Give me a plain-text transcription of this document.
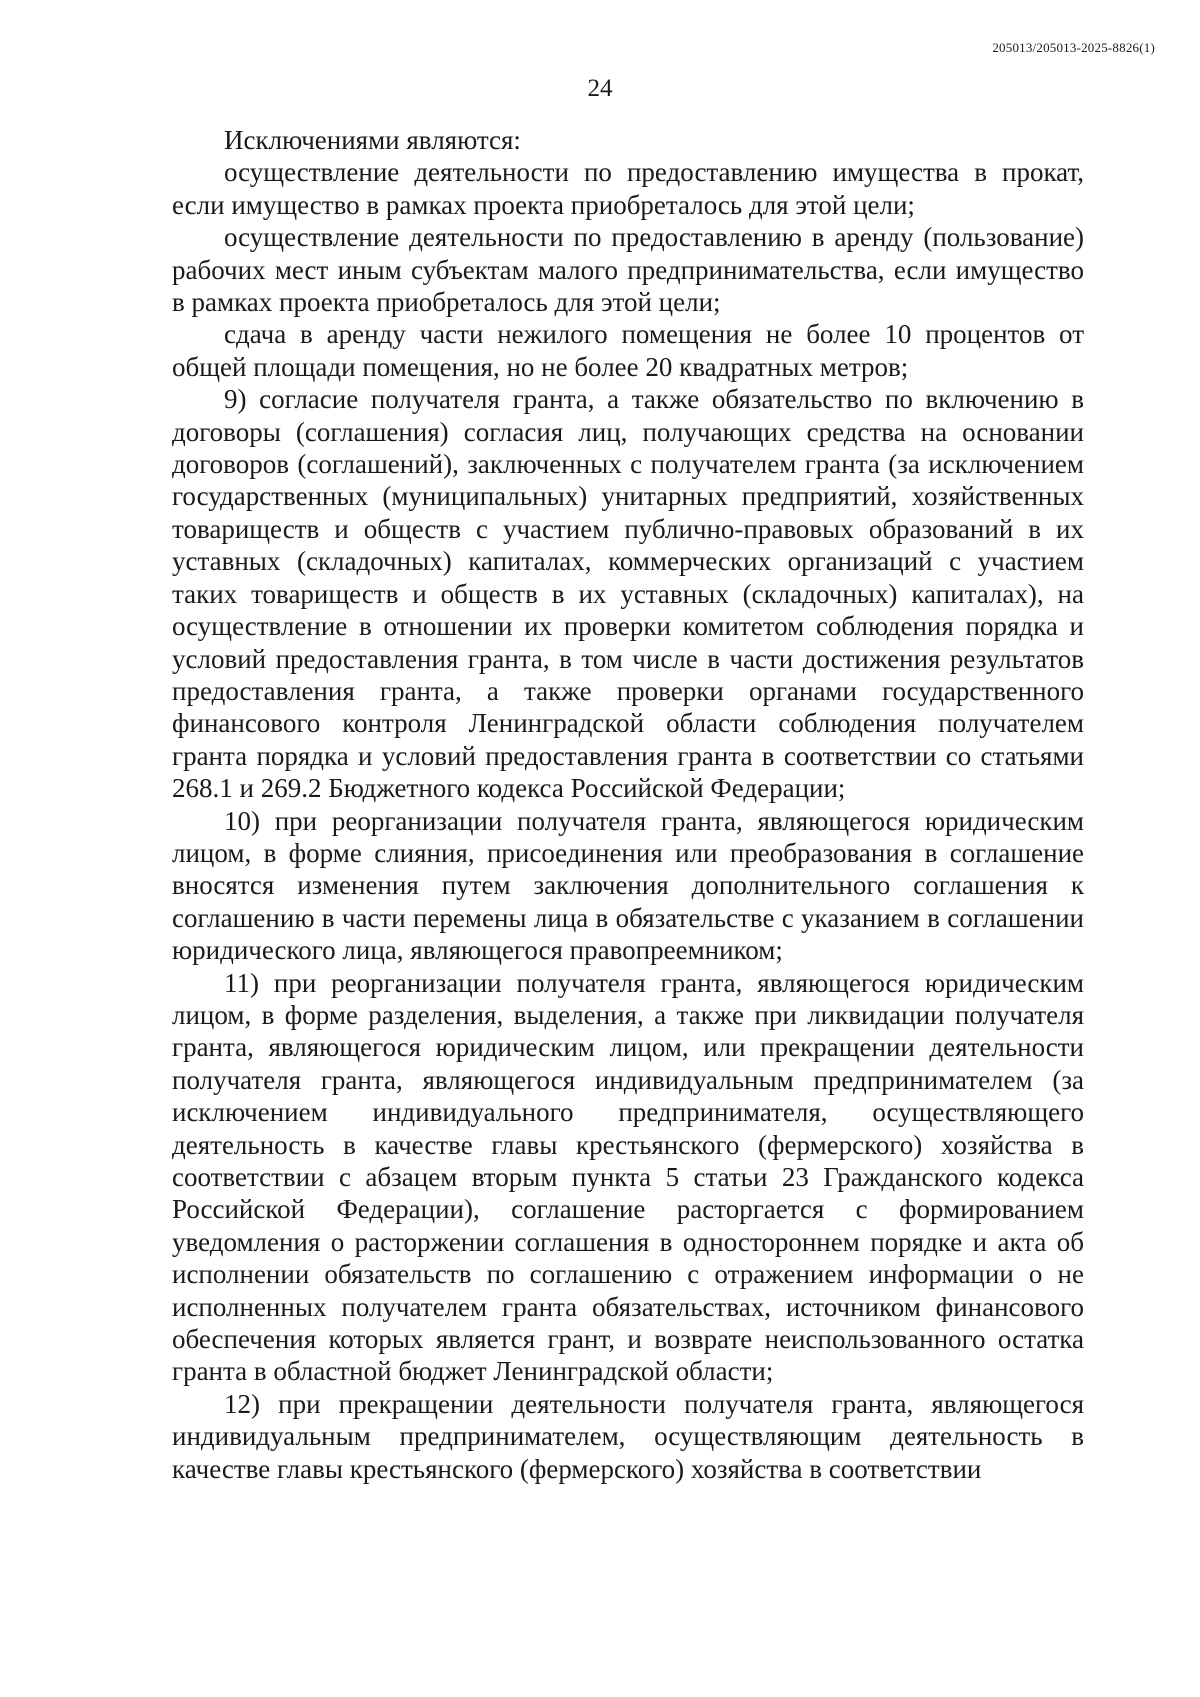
205013/205013-2025-8826(1)
24

Исключениями являются:

осуществление деятельности по предоставлению имущества в прокат, если имущество в рамках проекта приобреталось для этой цели;

осуществление деятельности по предоставлению в аренду (пользование) рабочих мест иным субъектам малого предпринимательства, если имущество в рамках проекта приобреталось для этой цели;

сдача в аренду части нежилого помещения не более 10 процентов от общей площади помещения, но не более 20 квадратных метров;

9) согласие получателя гранта, а также обязательство по включению в договоры (соглашения) согласия лиц, получающих средства на основании договоров (соглашений), заключенных с получателем гранта (за исключением государственных (муниципальных) унитарных предприятий, хозяйственных товариществ и обществ с участием публично-правовых образований в их уставных (складочных) капиталах, коммерческих организаций с участием таких товариществ и обществ в их уставных (складочных) капиталах), на осуществление в отношении их проверки комитетом соблюдения порядка и условий предоставления гранта, в том числе в части достижения результатов предоставления гранта, а также проверки органами государственного финансового контроля Ленинградской области соблюдения получателем гранта порядка и условий предоставления гранта в соответствии со статьями 268.1 и 269.2 Бюджетного кодекса Российской Федерации;

10) при реорганизации получателя гранта, являющегося юридическим лицом, в форме слияния, присоединения или преобразования в соглашение вносятся изменения путем заключения дополнительного соглашения к соглашению в части перемены лица в обязательстве с указанием в соглашении юридического лица, являющегося правопреемником;

11) при реорганизации получателя гранта, являющегося юридическим лицом, в форме разделения, выделения, а также при ликвидации получателя гранта, являющегося юридическим лицом, или прекращении деятельности получателя гранта, являющегося индивидуальным предпринимателем (за исключением индивидуального предпринимателя, осуществляющего деятельность в качестве главы крестьянского (фермерского) хозяйства в соответствии с абзацем вторым пункта 5 статьи 23 Гражданского кодекса Российской Федерации), соглашение расторгается с формированием уведомления о расторжении соглашения в одностороннем порядке и акта об исполнении обязательств по соглашению с отражением информации о не исполненных получателем гранта обязательствах, источником финансового обеспечения которых является грант, и возврате неиспользованного остатка гранта в областной бюджет Ленинградской области;

12) при прекращении деятельности получателя гранта, являющегося индивидуальным предпринимателем, осуществляющим деятельность в качестве главы крестьянского (фермерского) хозяйства в соответствии
